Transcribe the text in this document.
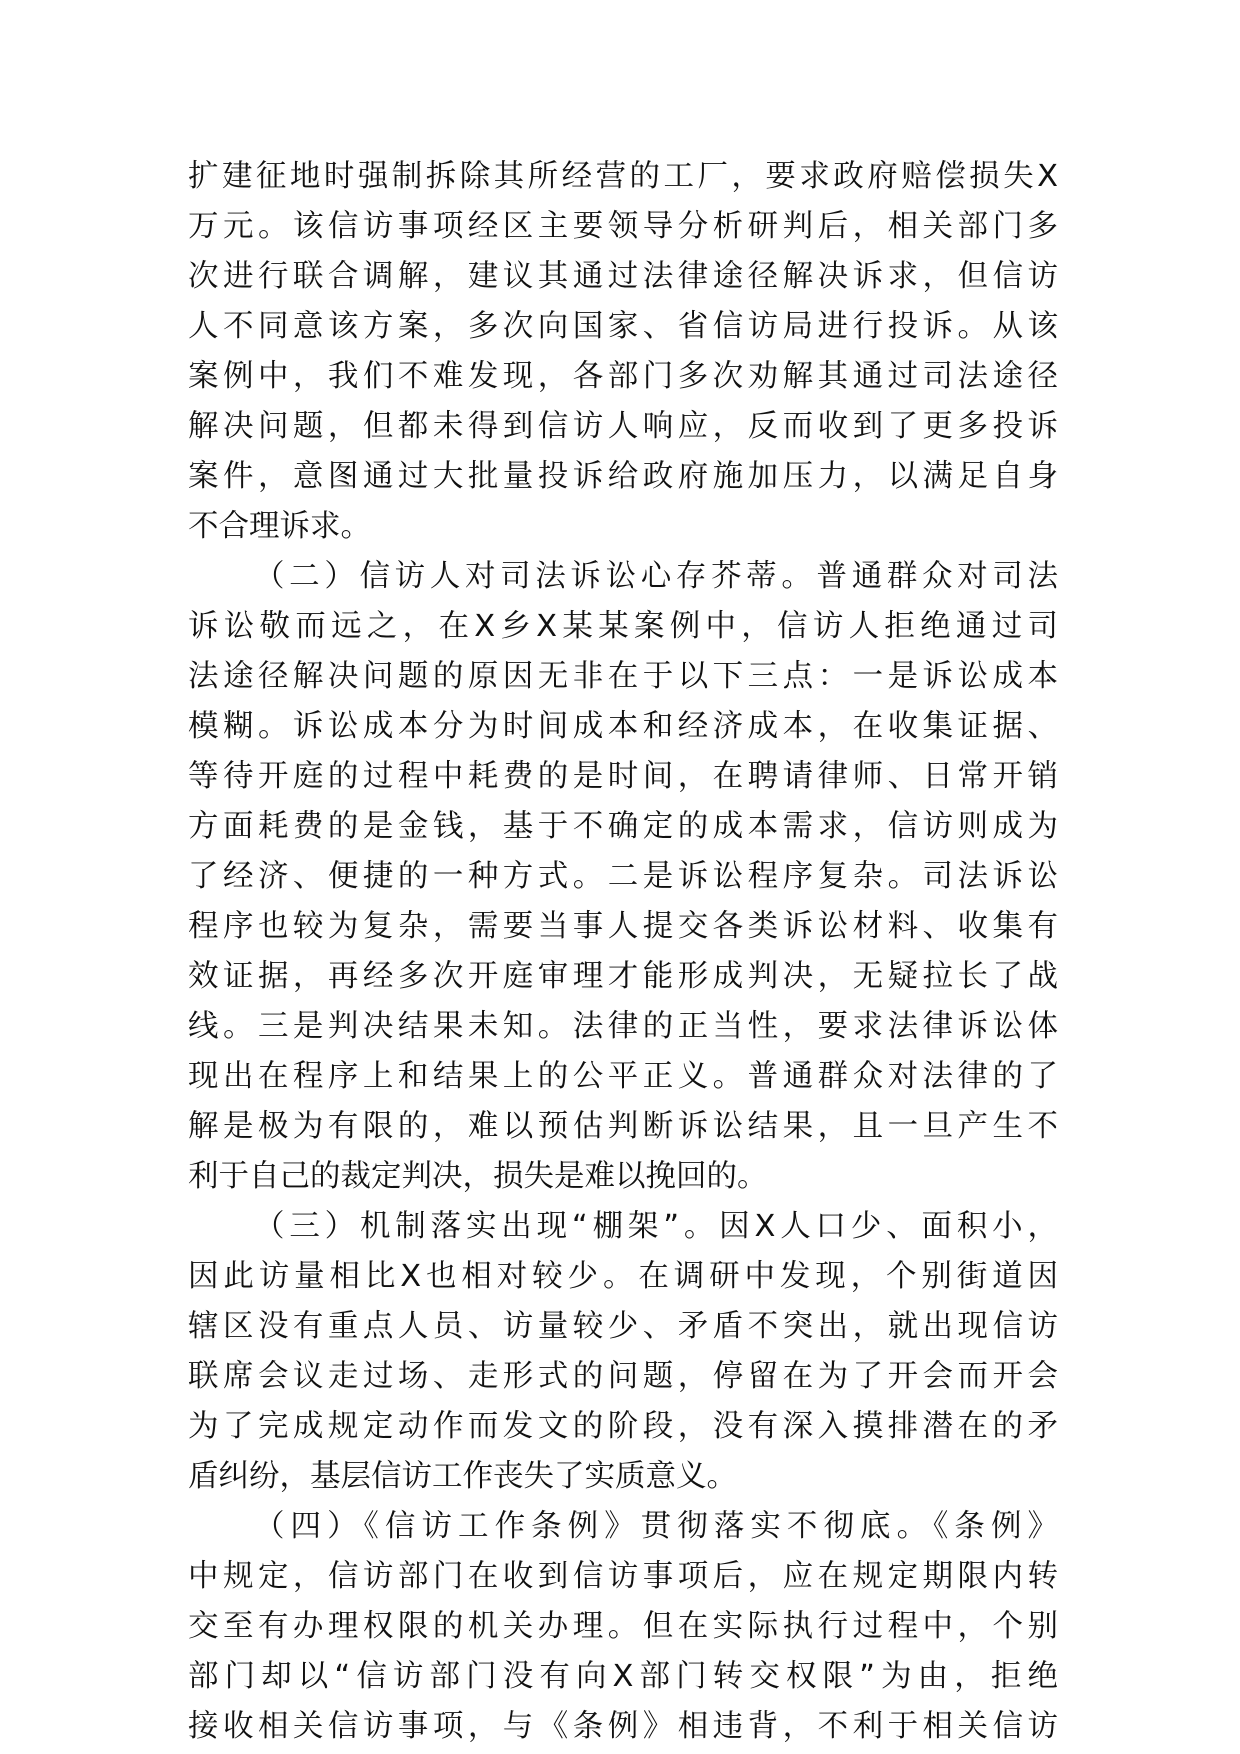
扩建征地时强制拆除其所经营的工厂，要求政府赔偿损失X
万元。该信访事项经区主要领导分析研判后，相关部门多
次进行联合调解，建议其通过法律途径解决诉求，但信访
人不同意该方案，多次向国家、省信访局进行投诉。从该
案例中，我们不难发现，各部门多次劝解其通过司法途径
解决问题，但都未得到信访人响应，反而收到了更多投诉
案件，意图通过大批量投诉给政府施加压力，以满足自身
不合理诉求。
（二）信访人对司法诉讼心存芥蒂。普通群众对司法
诉讼敬而远之，在X乡X某某案例中，信访人拒绝通过司
法途径解决问题的原因无非在于以下三点：一是诉讼成本
模糊。诉讼成本分为时间成本和经济成本，在收集证据、
等待开庭的过程中耗费的是时间，在聘请律师、日常开销
方面耗费的是金钱，基于不确定的成本需求，信访则成为
了经济、便捷的一种方式。二是诉讼程序复杂。司法诉讼
程序也较为复杂，需要当事人提交各类诉讼材料、收集有
效证据，再经多次开庭审理才能形成判决，无疑拉长了战
线。三是判决结果未知。法律的正当性，要求法律诉讼体
现出在程序上和结果上的公平正义。普通群众对法律的了
解是极为有限的，难以预估判断诉讼结果，且一旦产生不
利于自己的裁定判决，损失是难以挽回的。
（三）机制落实出现“棚架”。因X人口少、面积小，
因此访量相比X也相对较少。在调研中发现，个别街道因
辖区没有重点人员、访量较少、矛盾不突出，就出现信访
联席会议走过场、走形式的问题，停留在为了开会而开会
为了完成规定动作而发文的阶段，没有深入摸排潜在的矛
盾纠纷，基层信访工作丧失了实质意义。
（四）《信访工作条例》贯彻落实不彻底。《条例》
中规定，信访部门在收到信访事项后，应在规定期限内转
交至有办理权限的机关办理。但在实际执行过程中，个别
部门却以“信访部门没有向X部门转交权限”为由，拒绝
接收相关信访事项，与《条例》相违背，不利于相关信访
